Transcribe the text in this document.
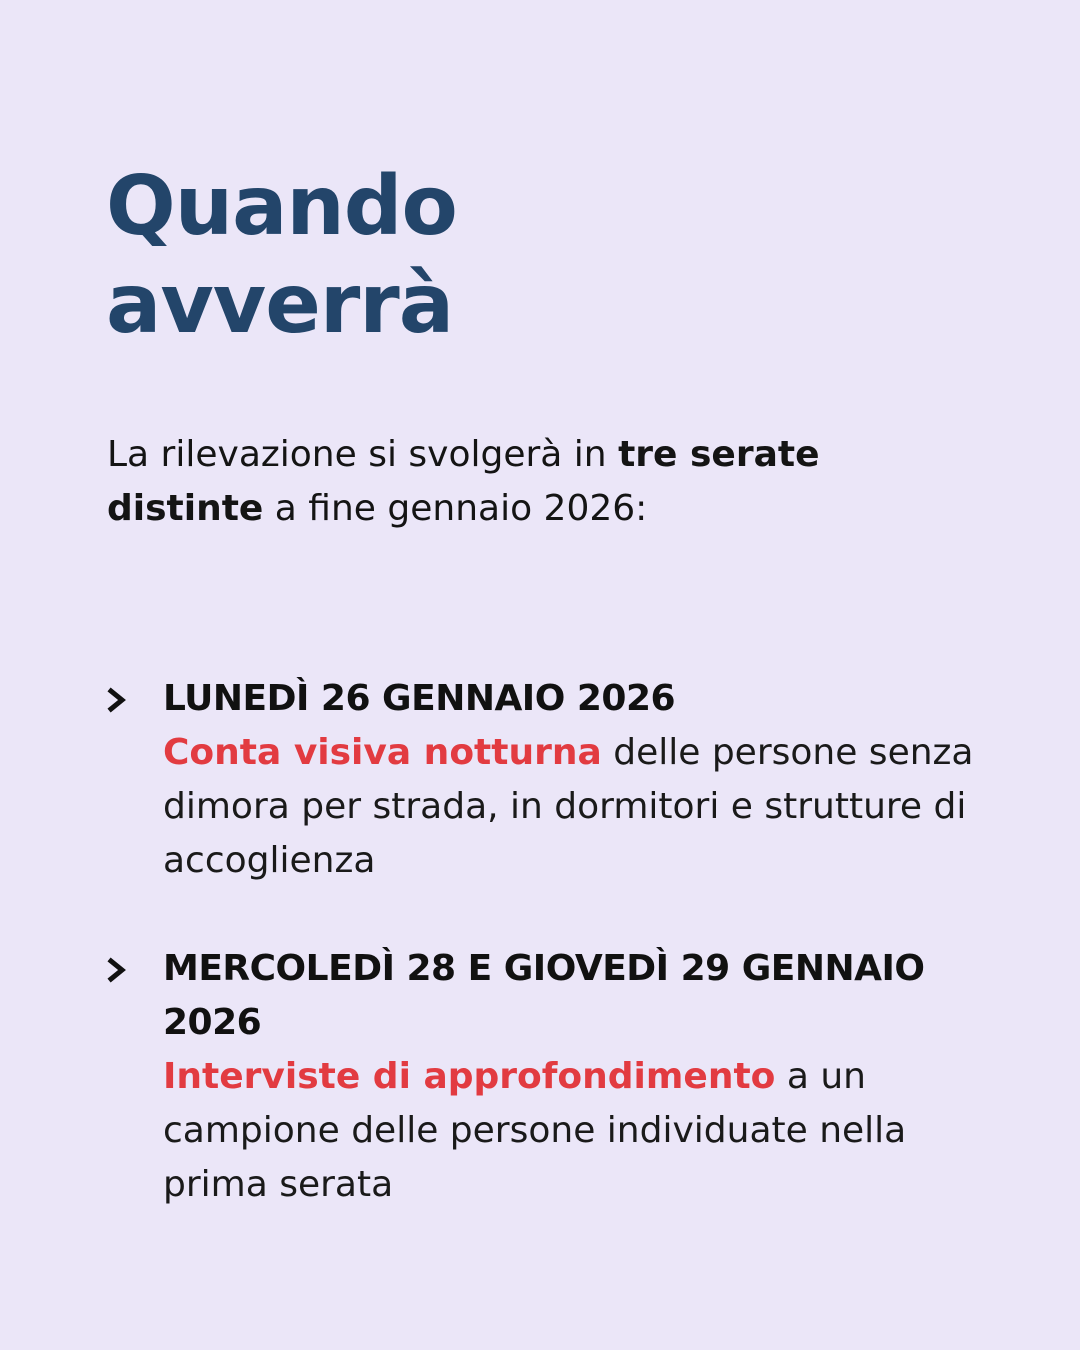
Quando
avverrà

La rilevazione si svolgerà in tre serate distinte a fine gennaio 2026:

LUNEDÌ 26 GENNAIO 2026
Conta visiva notturna delle persone senza dimora per strada, in dormitori e strutture di accoglienza
MERCOLEDÌ 28 E GIOVEDÌ 29 GENNAIO 2026
Interviste di approfondimento a un campione delle persone individuate nella prima serata
